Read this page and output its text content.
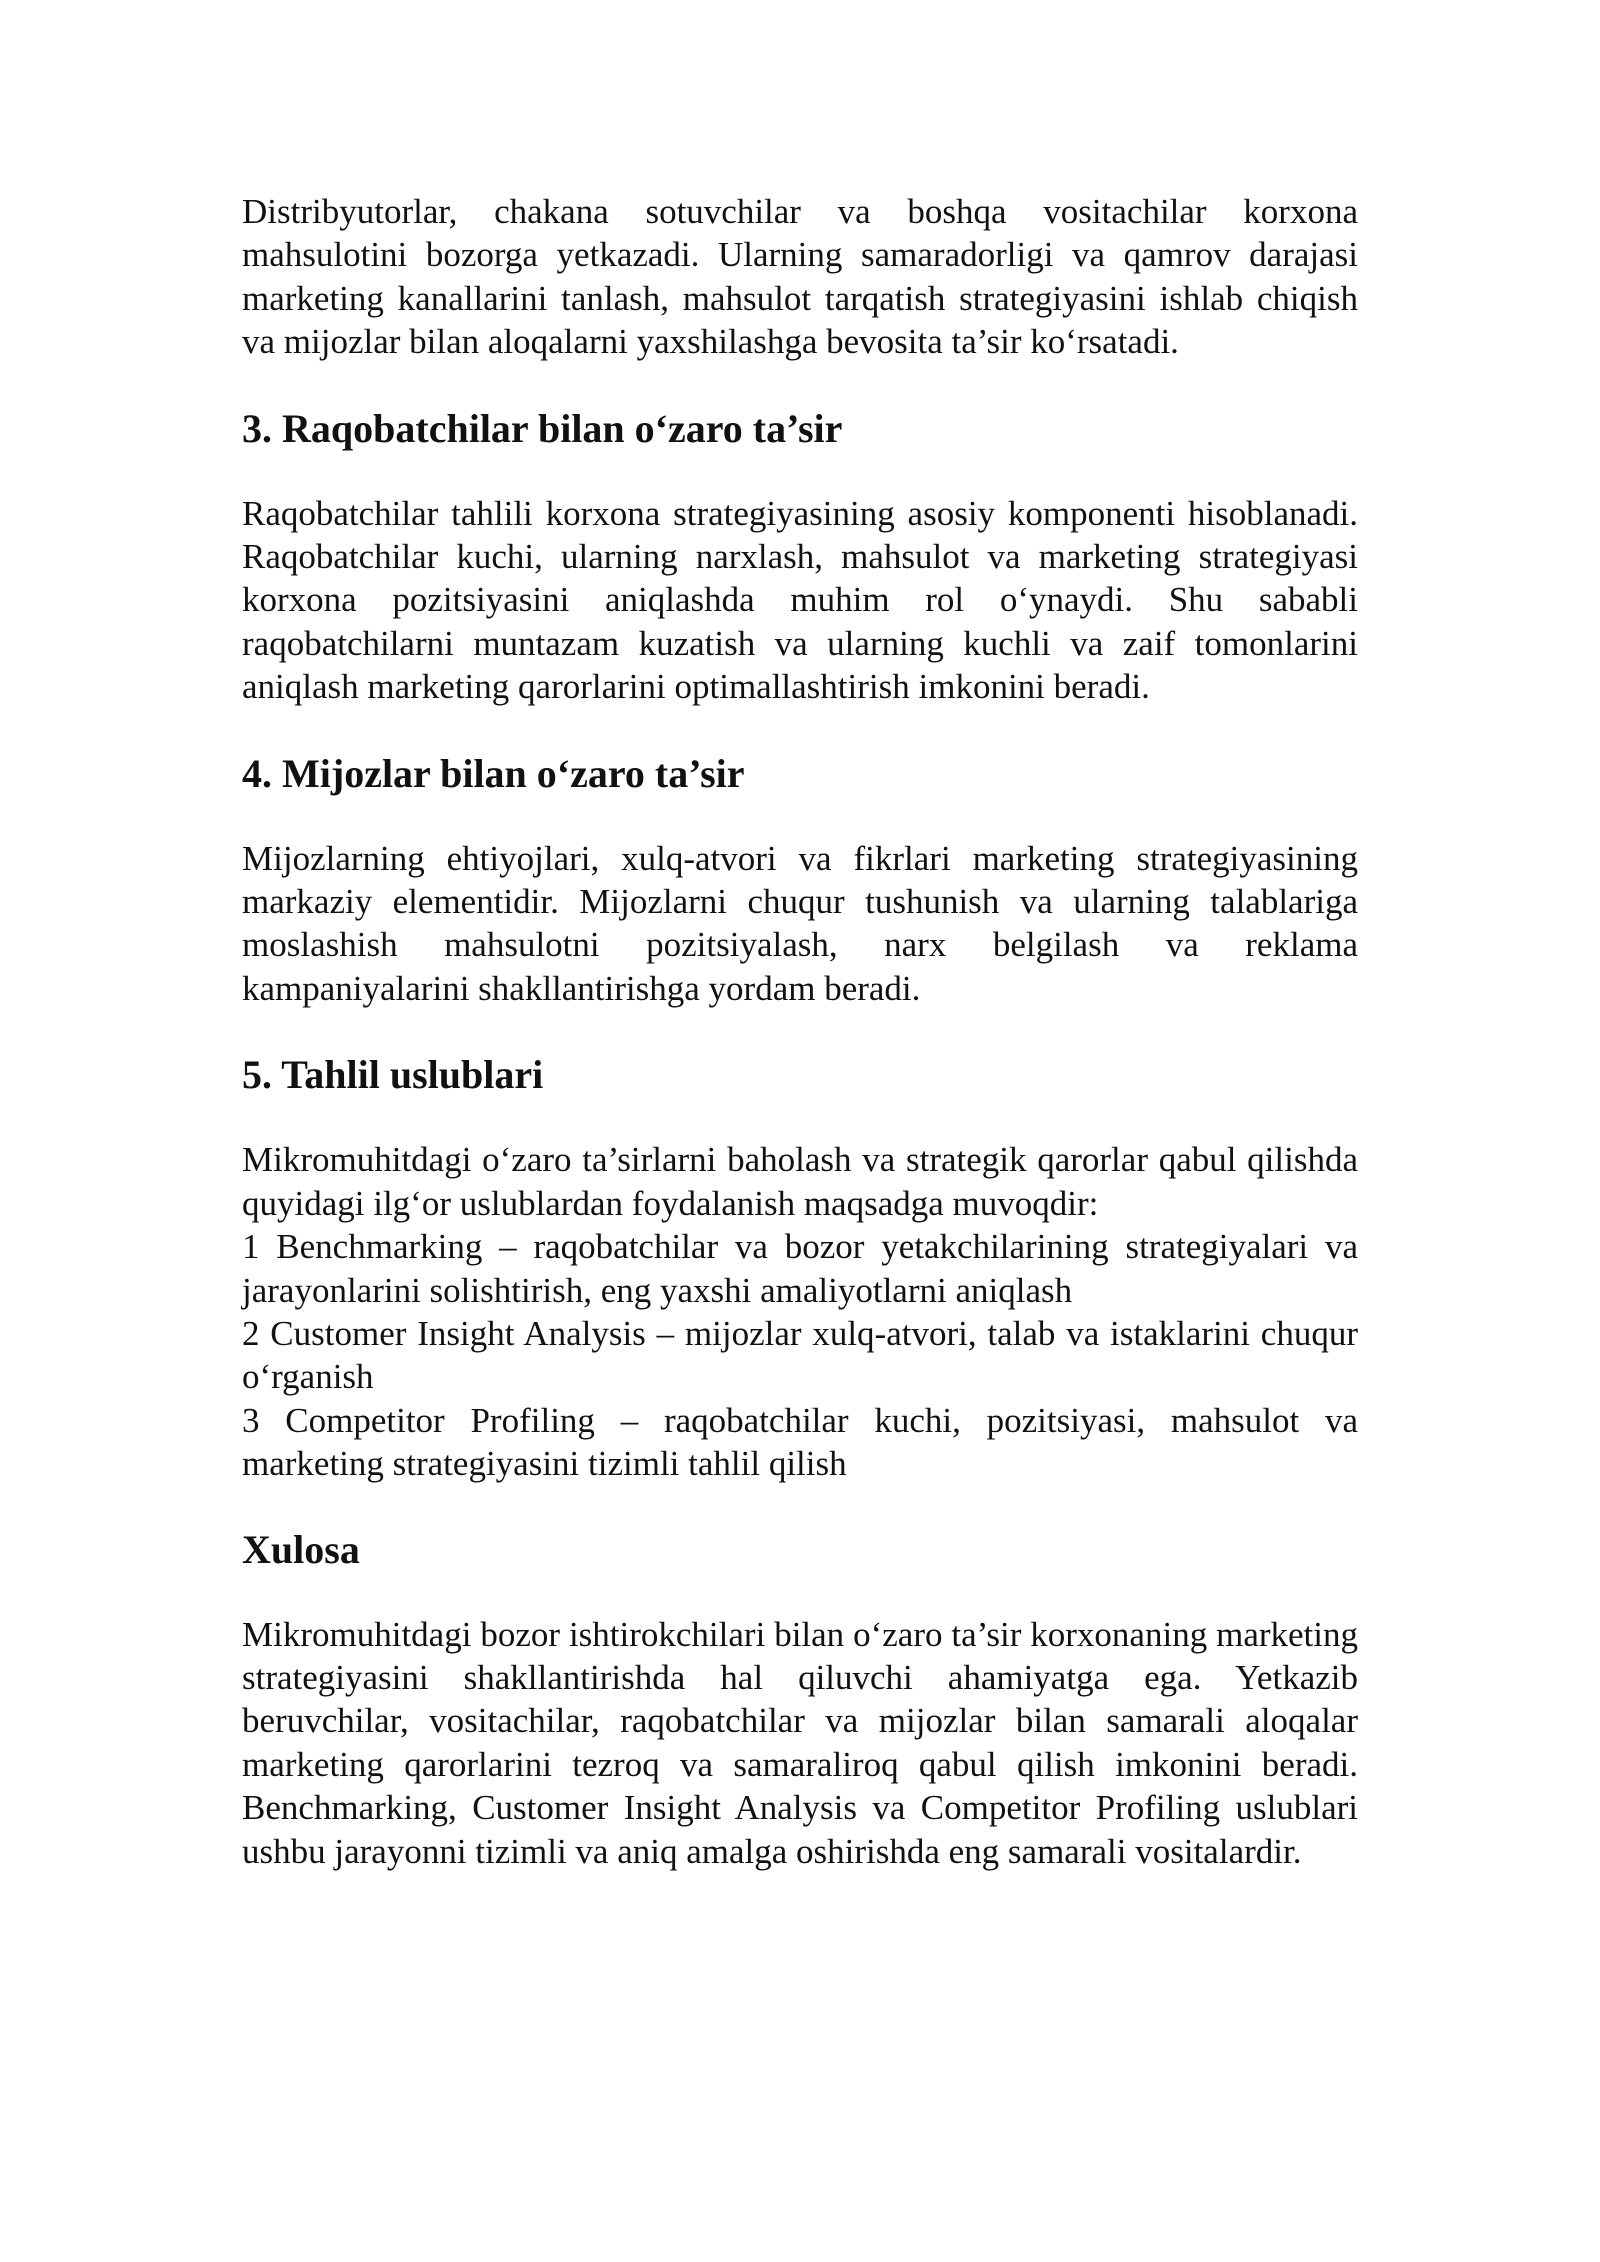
Distribyutorlar, chakana sotuvchilar va boshqa vositachilar korxona mahsulotini bozorga yetkazadi. Ularning samaradorligi va qamrov darajasi marketing kanallarini tanlash, mahsulot tarqatish strategiyasini ishlab chiqish va mijozlar bilan aloqalarni yaxshilashga bevosita ta’sir ko‘rsatadi.

3. Raqobatchilar bilan o‘zaro ta’sir

Raqobatchilar tahlili korxona strategiyasining asosiy komponenti hisoblanadi. Raqobatchilar kuchi, ularning narxlash, mahsulot va marketing strategiyasi korxona pozitsiyasini aniqlashda muhim rol o‘ynaydi. Shu sababli raqobatchilarni muntazam kuzatish va ularning kuchli va zaif tomonlarini aniqlash marketing qarorlarini optimallashtirish imkonini beradi.

4. Mijozlar bilan o‘zaro ta’sir

Mijozlarning ehtiyojlari, xulq-atvori va fikrlari marketing strategiyasining markaziy elementidir. Mijozlarni chuqur tushunish va ularning talablariga moslashish mahsulotni pozitsiyalash, narx belgilash va reklama kampaniyalarini shakllantirishga yordam beradi.

5. Tahlil uslublari

Mikromuhitdagi o‘zaro ta’sirlarni baholash va strategik qarorlar qabul qilishda quyidagi ilg‘or uslublardan foydalanish maqsadga muvoqdir:

1 Benchmarking – raqobatchilar va bozor yetakchilarining strategiyalari va jarayonlarini solishtirish, eng yaxshi amaliyotlarni aniqlash

2 Customer Insight Analysis – mijozlar xulq-atvori, talab va istaklarini chuqur o‘rganish

3 Competitor Profiling – raqobatchilar kuchi, pozitsiyasi, mahsulot va marketing strategiyasini tizimli tahlil qilish

Xulosa

Mikromuhitdagi bozor ishtirokchilari bilan o‘zaro ta’sir korxonaning marketing strategiyasini shakllantirishda hal qiluvchi ahamiyatga ega. Yetkazib beruvchilar, vositachilar, raqobatchilar va mijozlar bilan samarali aloqalar marketing qarorlarini tezroq va samaraliroq qabul qilish imkonini beradi. Benchmarking, Customer Insight Analysis va Competitor Profiling uslublari ushbu jarayonni tizimli va aniq amalga oshirishda eng samarali vositalardir.
